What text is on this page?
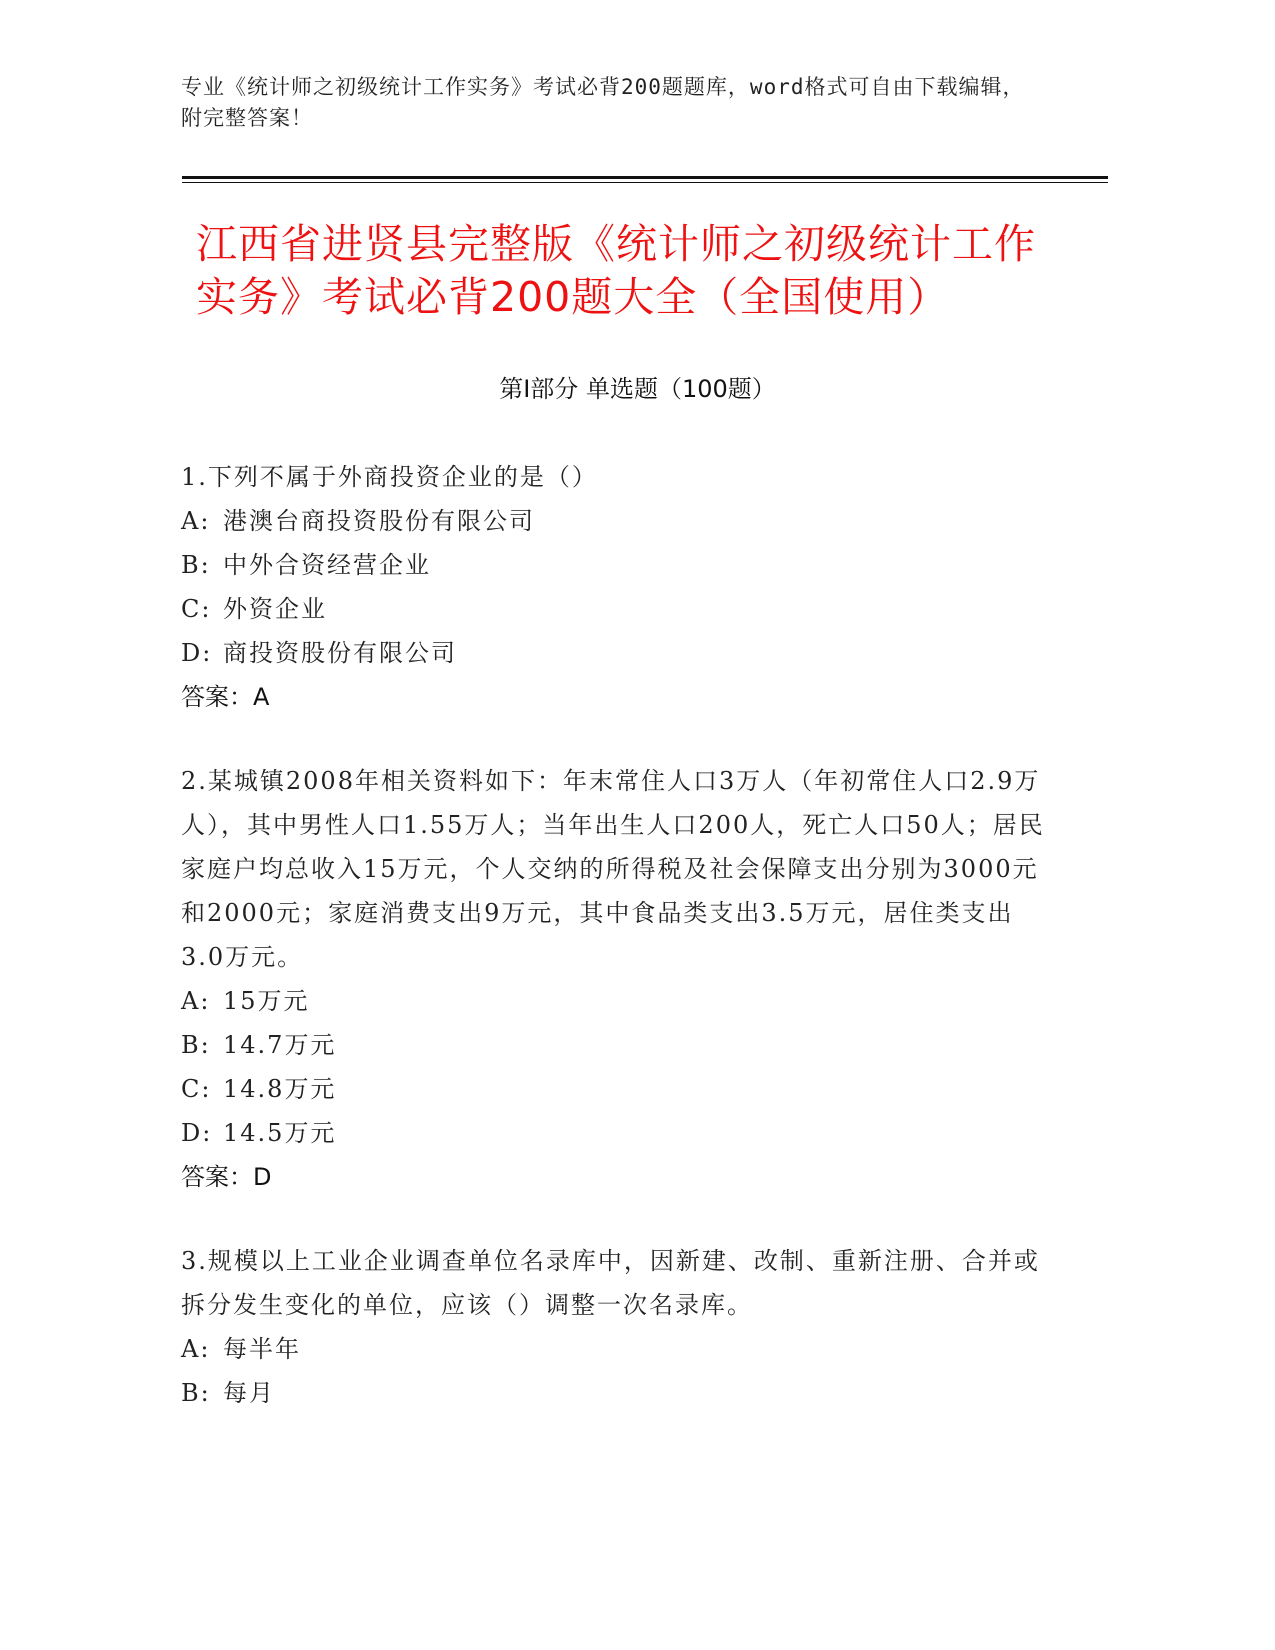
专业《统计师之初级统计工作实务》考试必背200题题库，word格式可自由下载编辑，附完整答案！
江西省进贤县完整版《统计师之初级统计工作实务》考试必背200题大全（全国使用）
第Ⅰ部分 单选题（100题）
1.下列不属于外商投资企业的是（）
A: 港澳台商投资股份有限公司
B: 中外合资经营企业
C: 外资企业
D: 商投资股份有限公司
答案：A
2.某城镇2008年相关资料如下：年末常住人口3万人（年初常住人口2.9万人），其中男性人口1.55万人；当年出生人口200人，死亡人口50人；居民家庭户均总收入15万元，个人交纳的所得税及社会保障支出分别为3000元和2000元；家庭消费支出9万元，其中食品类支出3.5万元，居住类支出3.0万元。
A: 15万元
B: 14.7万元
C: 14.8万元
D: 14.5万元
答案：D
3.规模以上工业企业调查单位名录库中，因新建、改制、重新注册、合并或拆分发生变化的单位，应该（）调整一次名录库。
A: 每半年
B: 每月
